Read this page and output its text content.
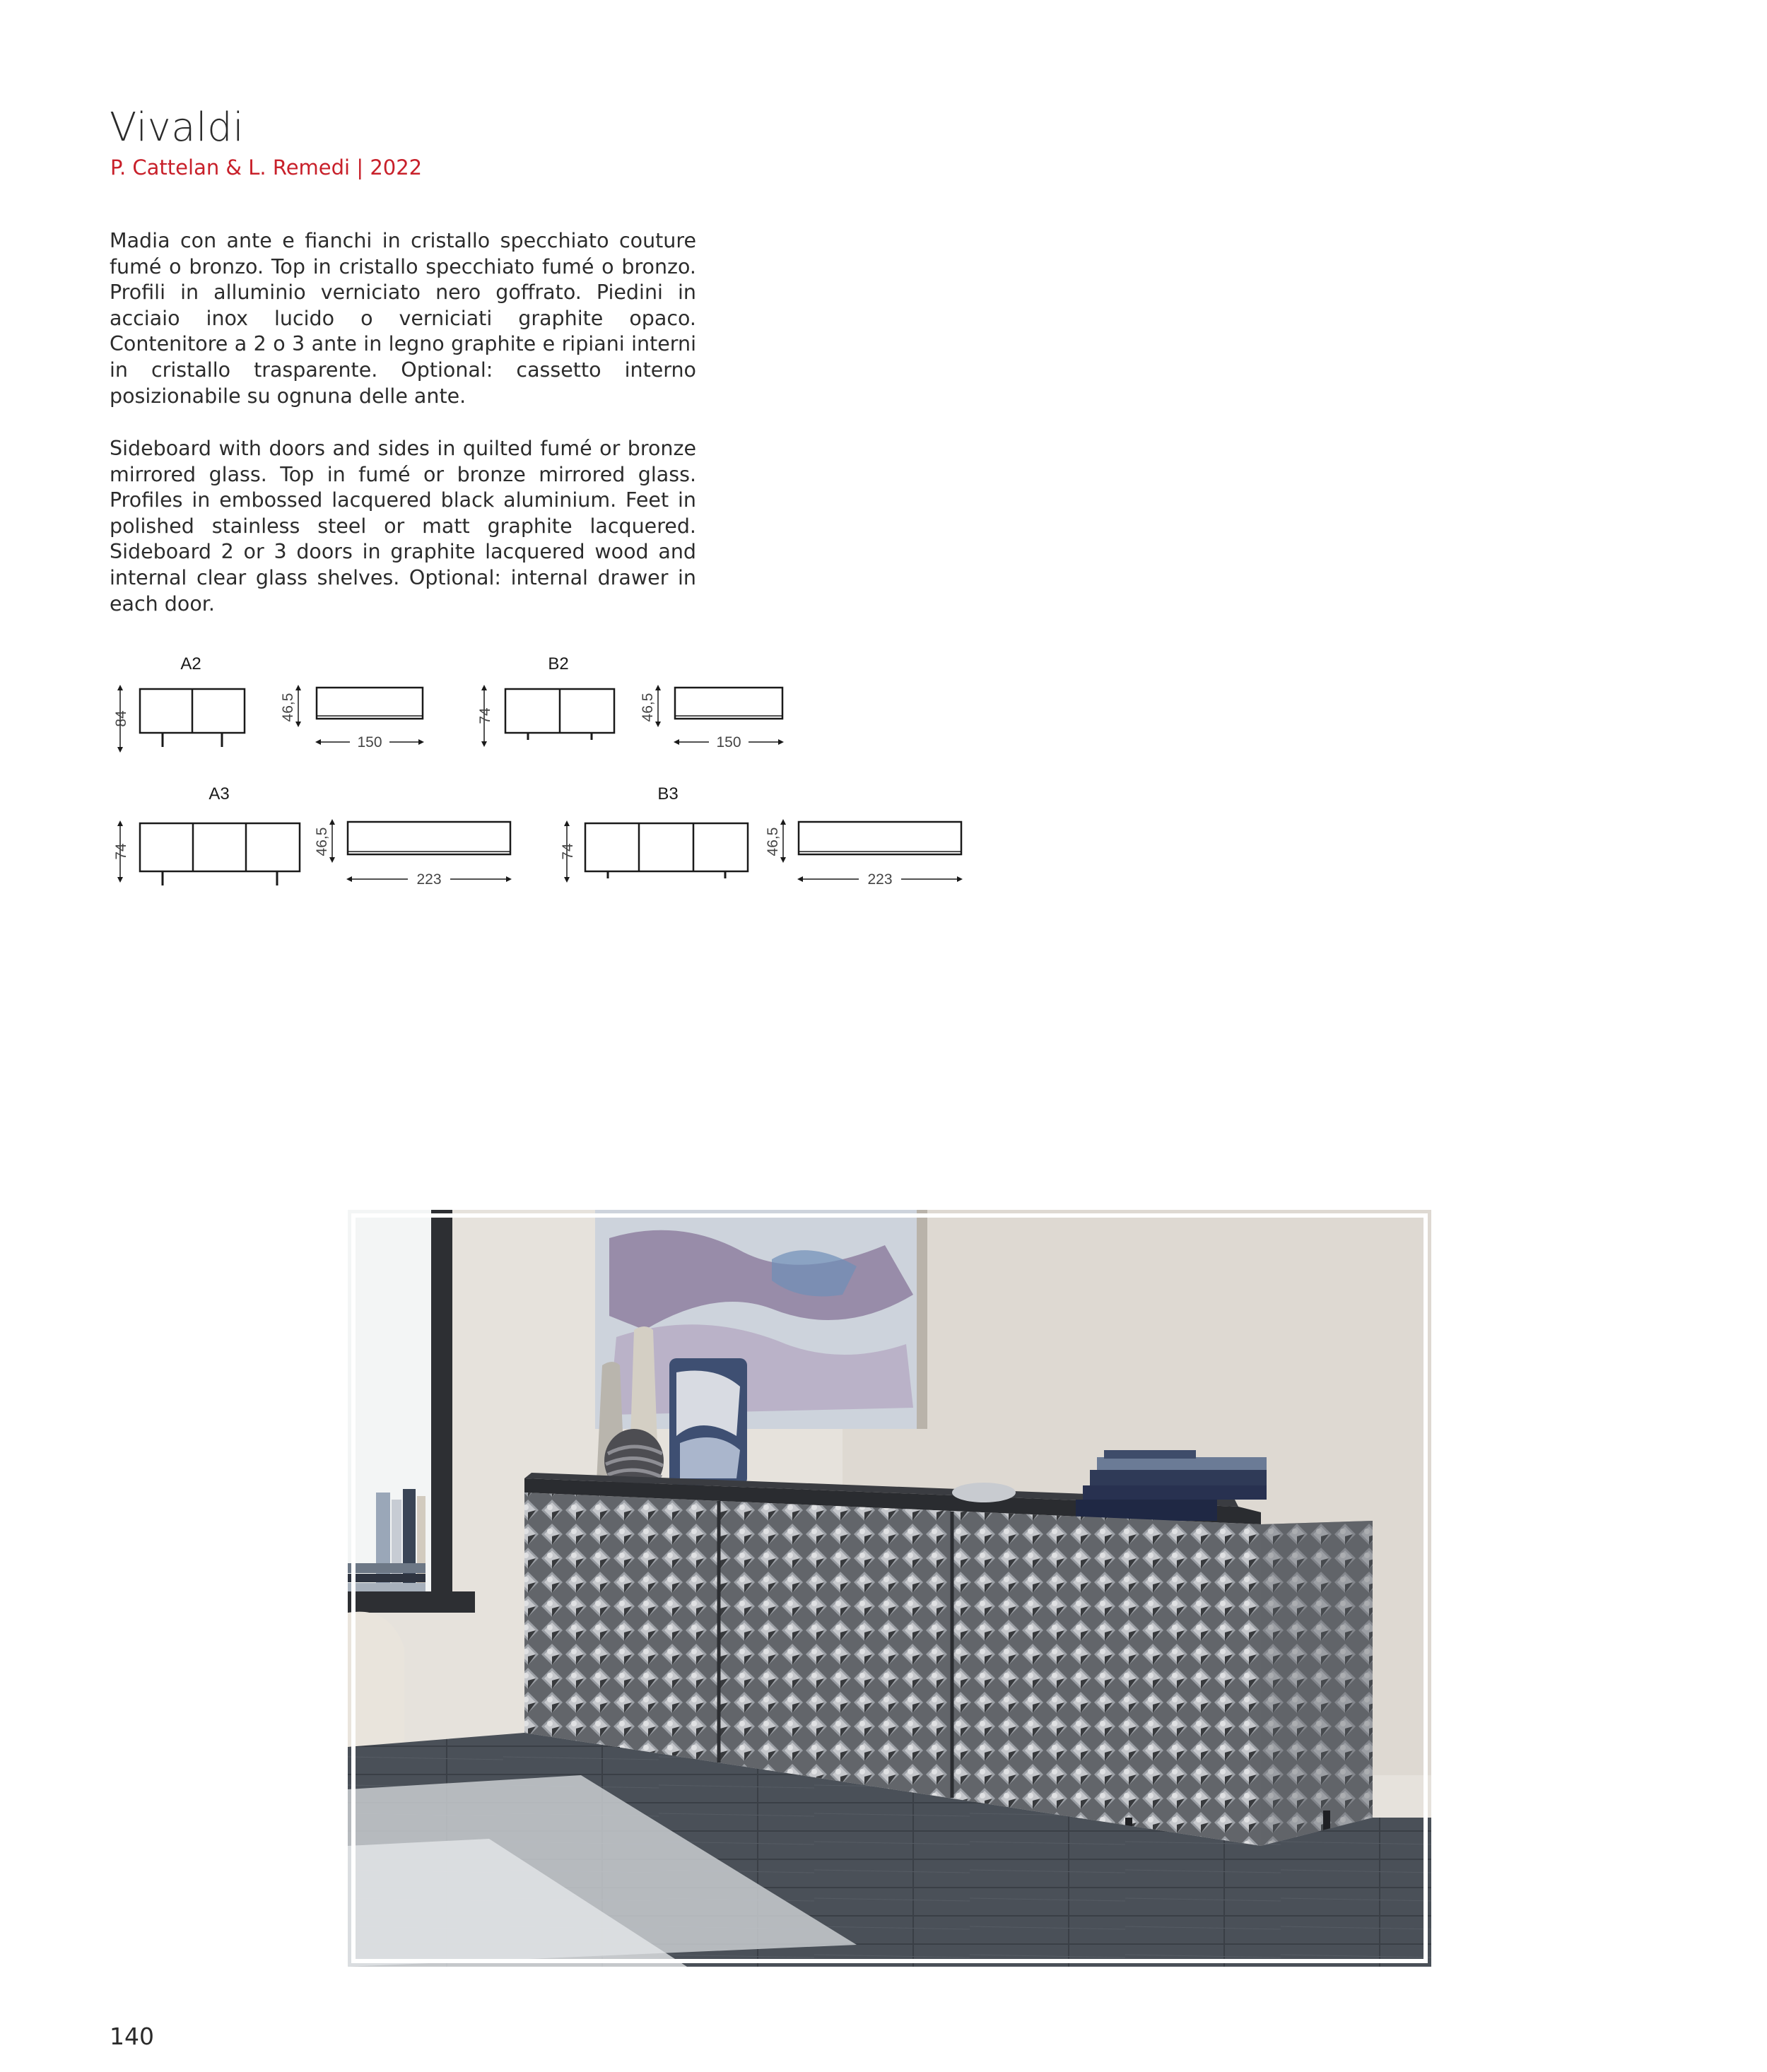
Vivaldi

P. Cattelan & L. Remedi | 2022

Madia con ante e fianchi in cristallo specchiato couture fumé o bronzo. Top in cristallo specchiato fumé o bronzo. Profili in alluminio verniciato nero goffrato. Piedini in acciaio inox lucido o verniciati graphite opaco. Contenitore a 2 o 3 ante in legno graphite e ripiani interni in cristallo trasparente. Optional: cassetto interno posizionabile su ognuna delle ante.

Sideboard with doors and sides in quilted fumé or bronze mirrored glass. Top in fumé or bronze mirrored glass. Profiles in embossed lacquered black aluminium. Feet in polished stainless steel or matt graphite lacquered. Sideboard 2 or 3 doors in graphite lacquered wood and internal clear glass shelves. Optional: internal drawer in each door.

A2
84	46,5
150
B2
74	46,5
150
A3
74	46,5
223
B3
74	46,5
223

140
